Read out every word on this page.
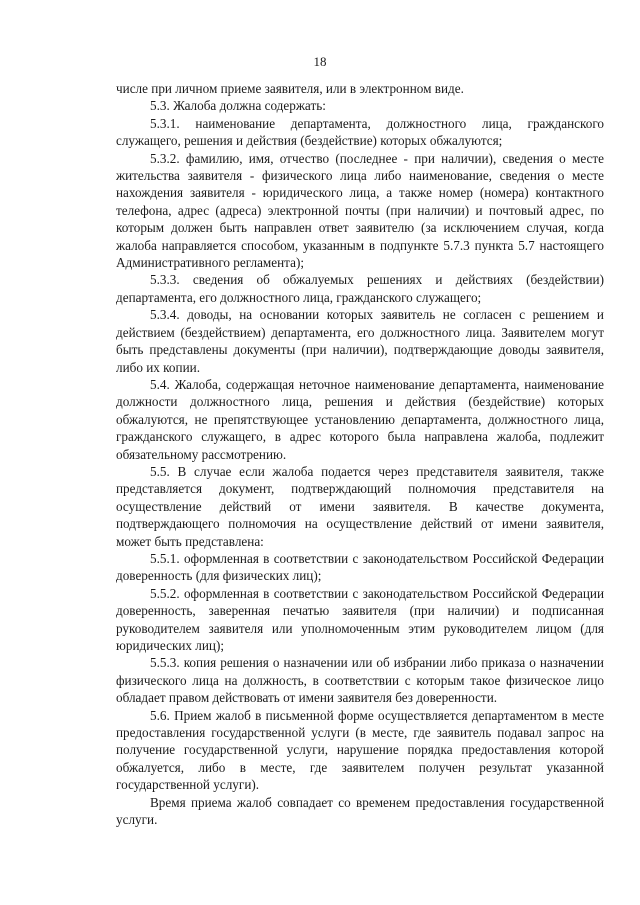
18

числе при личном приеме заявителя, или в электронном виде.

5.3. Жалоба должна содержать:

5.3.1. наименование департамента, должностного лица, гражданского служащего, решения и действия (бездействие) которых обжалуются;

5.3.2. фамилию, имя, отчество (последнее - при наличии), сведения о месте жительства заявителя - физического лица либо наименование, сведения о месте нахождения заявителя - юридического лица, а также номер (номера) контактного телефона, адрес (адреса) электронной почты (при наличии) и почтовый адрес, по которым должен быть направлен ответ заявителю (за исключением случая, когда жалоба направляется способом, указанным в подпункте 5.7.3 пункта 5.7 настоящего Административного регламента);

5.3.3. сведения об обжалуемых решениях и действиях (бездействии) департамента, его должностного лица, гражданского служащего;

5.3.4. доводы, на основании которых заявитель не согласен с решением и действием (бездействием) департамента, его должностного лица. Заявителем могут быть представлены документы (при наличии), подтверждающие доводы заявителя, либо их копии.

5.4. Жалоба, содержащая неточное наименование департамента, наименование должности должностного лица, решения и действия (бездействие) которых обжалуются, не препятствующее установлению департамента, должностного лица, гражданского служащего, в адрес которого была направлена жалоба, подлежит обязательному рассмотрению.

5.5. В случае если жалоба подается через представителя заявителя, также представляется документ, подтверждающий полномочия представителя на осуществление действий от имени заявителя. В качестве документа, подтверждающего полномочия на осуществление действий от имени заявителя, может быть представлена:

5.5.1. оформленная в соответствии с законодательством Российской Федерации доверенность (для физических лиц);

5.5.2. оформленная в соответствии с законодательством Российской Федерации доверенность, заверенная печатью заявителя (при наличии) и подписанная руководителем заявителя или уполномоченным этим руководителем лицом (для юридических лиц);

5.5.3. копия решения о назначении или об избрании либо приказа о назначении физического лица на должность, в соответствии с которым такое физическое лицо обладает правом действовать от имени заявителя без доверенности.

5.6. Прием жалоб в письменной форме осуществляется департаментом в месте предоставления государственной услуги (в месте, где заявитель подавал запрос на получение государственной услуги, нарушение порядка предоставления которой обжалуется, либо в месте, где заявителем получен результат указанной государственной услуги).

Время приема жалоб совпадает со временем предоставления государственной услуги.
